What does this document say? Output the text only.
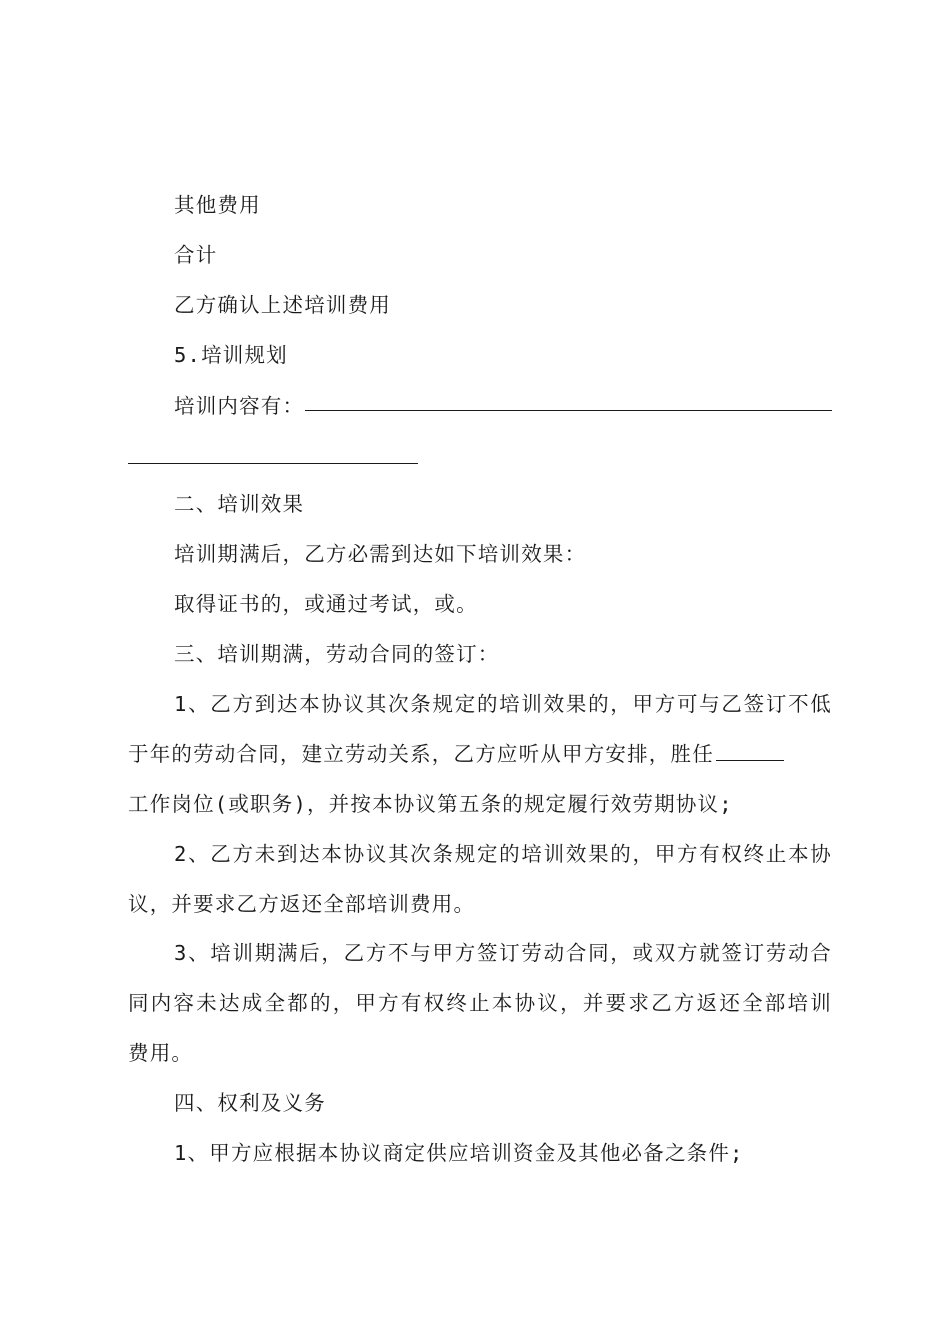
其他费用
合计
乙方确认上述培训费用
5.培训规划
培训内容有：
二、培训效果
培训期满后，乙方必需到达如下培训效果：
取得证书的，或通过考试，或。
三、培训期满，劳动合同的签订：
1、乙方到达本协议其次条规定的培训效果的，甲方可与乙签订不低
于年的劳动合同，建立劳动关系，乙方应听从甲方安排，胜任
工作岗位(或职务)，并按本协议第五条的规定履行效劳期协议;
2、乙方未到达本协议其次条规定的培训效果的，甲方有权终止本协
议，并要求乙方返还全部培训费用。
3、培训期满后，乙方不与甲方签订劳动合同，或双方就签订劳动合
同内容未达成全都的，甲方有权终止本协议，并要求乙方返还全部培训
费用。
四、权利及义务
1、甲方应根据本协议商定供应培训资金及其他必备之条件;
